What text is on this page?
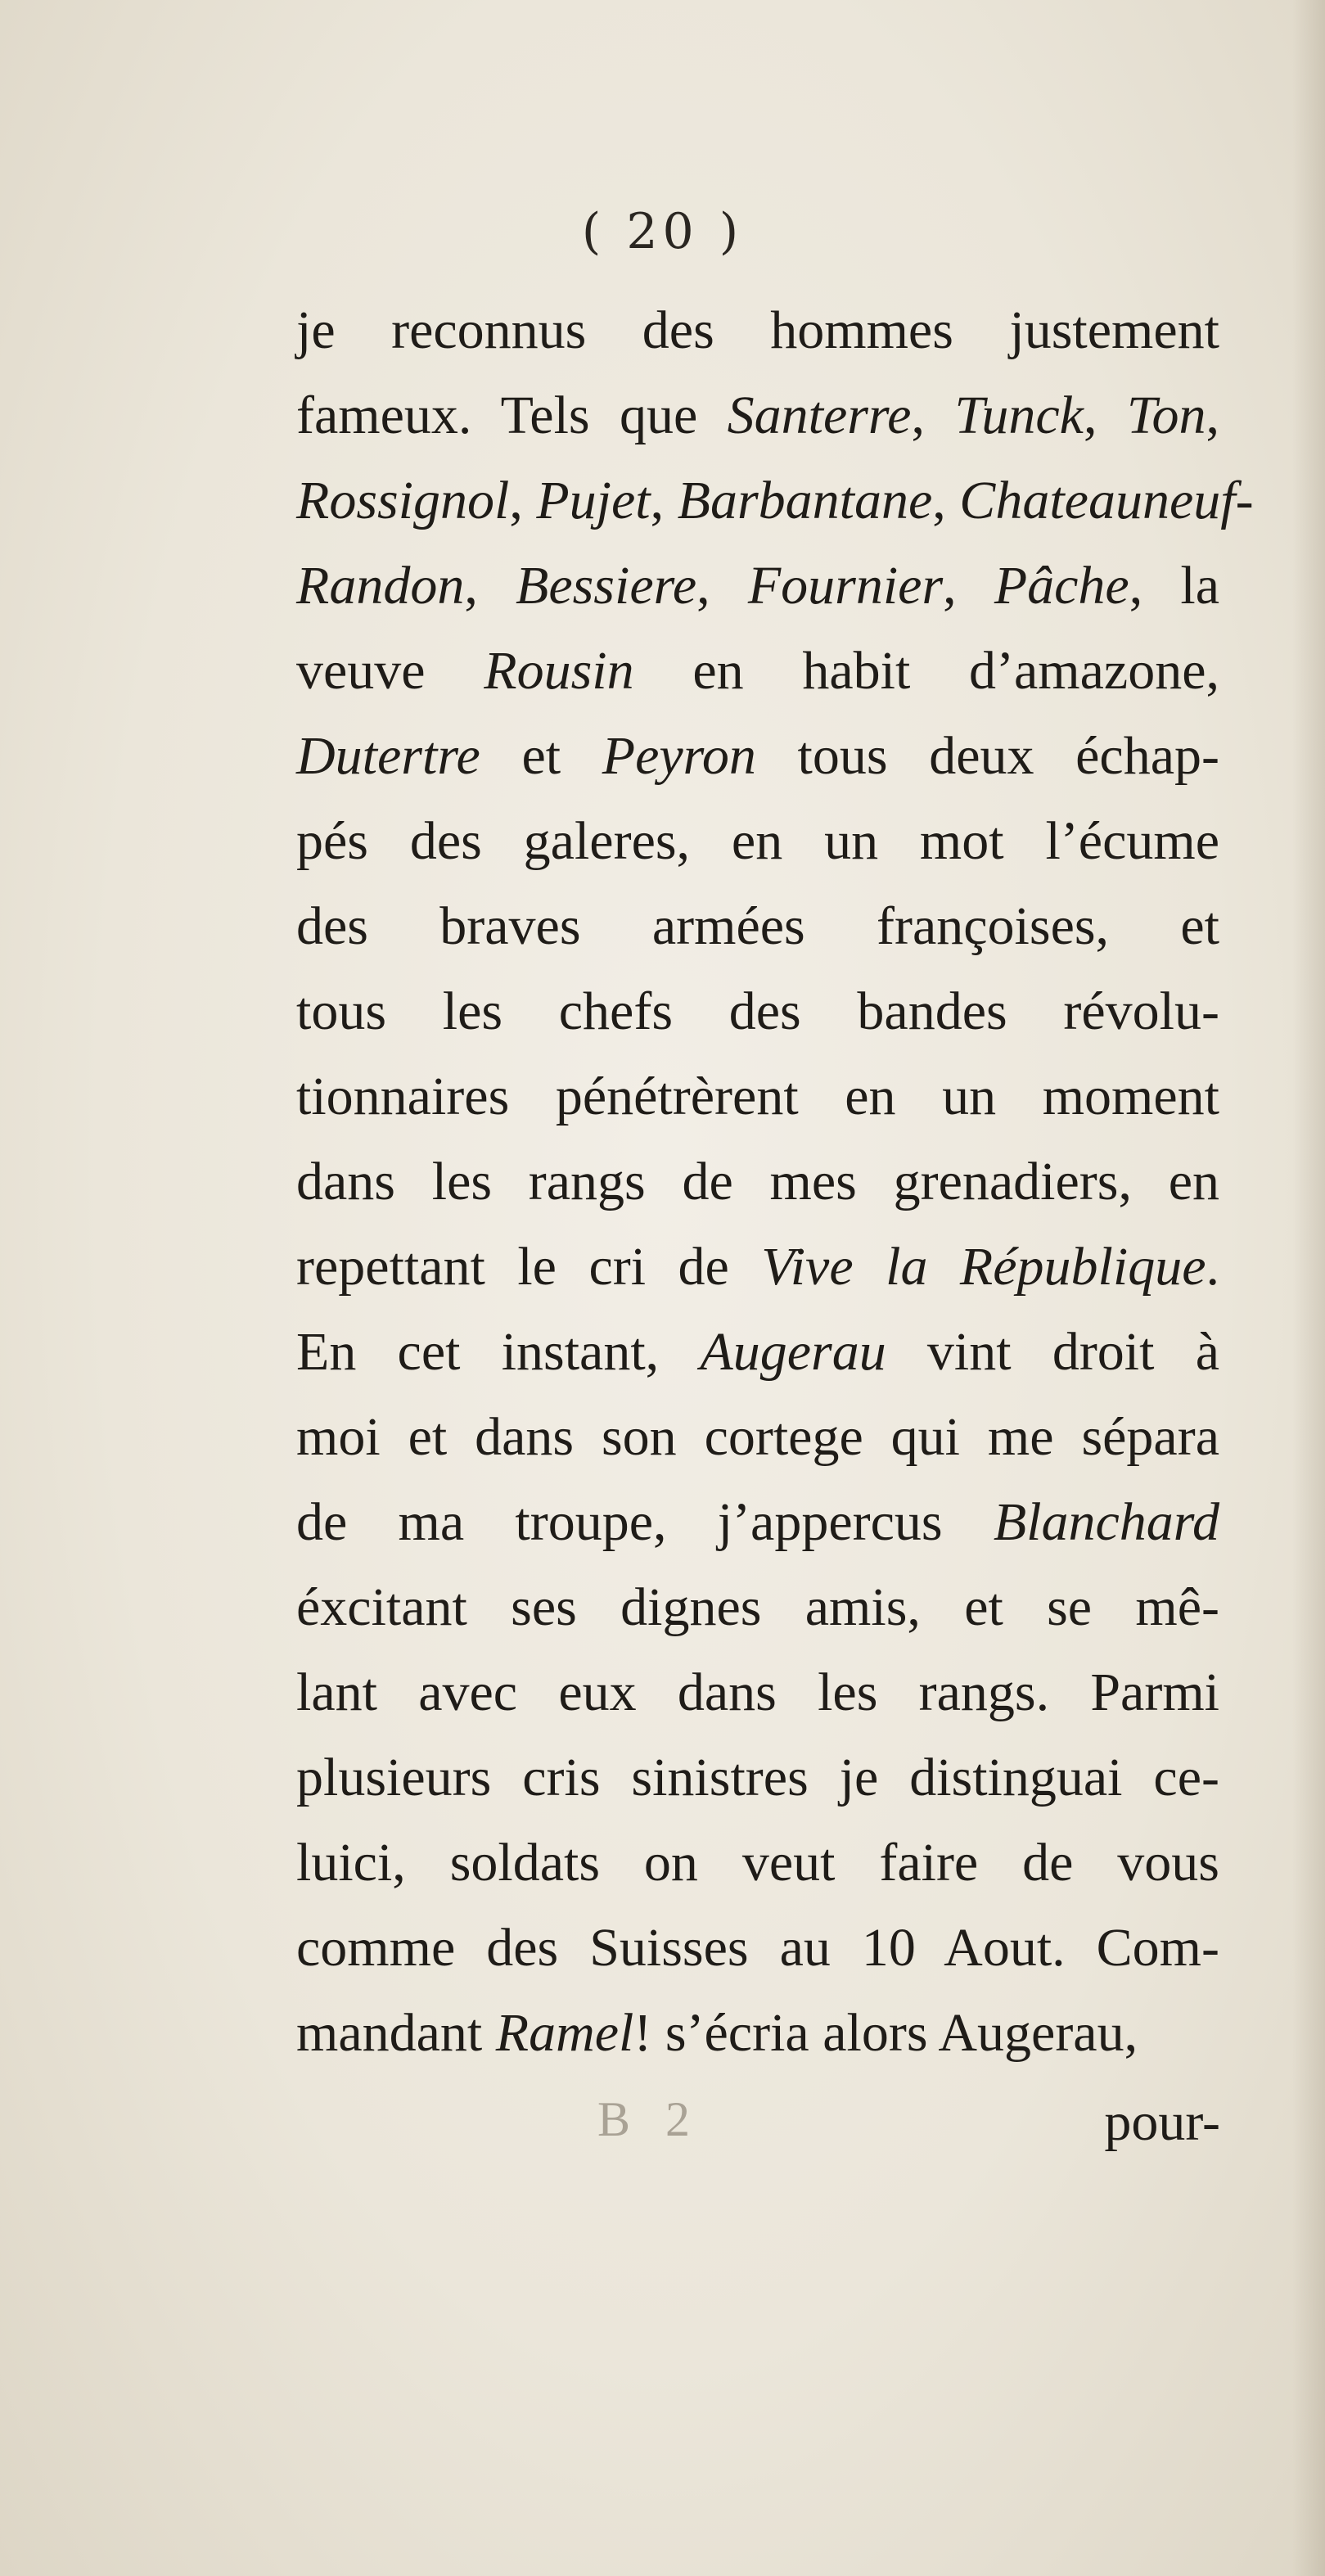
( 20 )
je reconnus des hommes justement
fameux. Tels que Santerre, Tunck, Ton,
Rossignol, Pujet, Barbantane, Chateauneuf-
Randon, Bessiere, Fournier, Pâche, la
veuve Rousin en habit d’amazone,
Dutertre et Peyron tous deux échap-
pés des galeres, en un mot l’écume
des braves armées françoises, et
tous les chefs des bandes révolu-
tionnaires pénétrèrent en un moment
dans les rangs de mes grenadiers, en
repettant le cri de Vive la République.
En cet instant, Augerau vint droit à
moi et dans son cortege qui me sépara
de ma troupe, j’appercus Blanchard
éxcitant ses dignes amis, et se mê-
lant avec eux dans les rangs. Parmi
plusieurs cris sinistres je distinguai ce-
luici, soldats on veut faire de vous
comme des Suisses au 10 Aout. Com-
mandant Ramel! s’écria alors Augerau,
B 2	pour-
